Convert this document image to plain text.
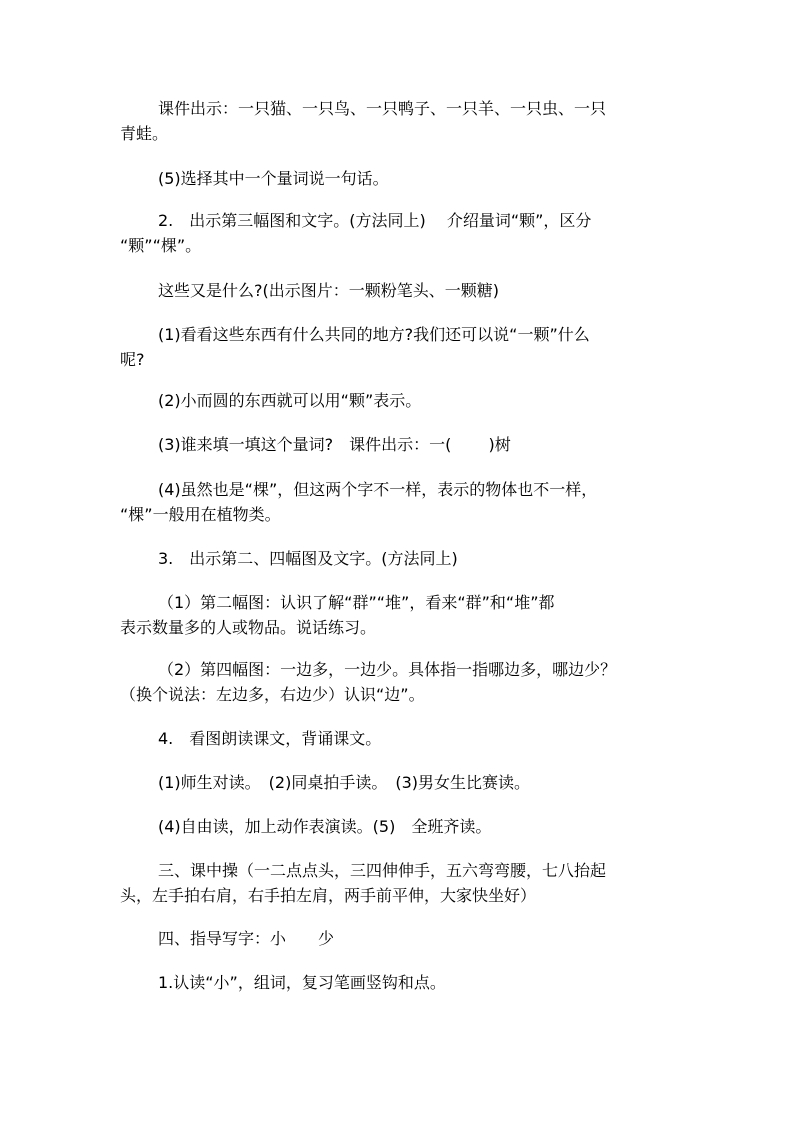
课件出示：一只猫、一只鸟、一只鸭子、一只羊、一只虫、一只
青蛙。

(5)选择其中一个量词说一句话。

2.　出示第三幅图和文字。(方法同上)　 介绍量词“颗”，区分
“颗”“棵”。

这些又是什么?(出示图片：一颗粉笔头、一颗糖)

(1)看看这些东西有什么共同的地方?我们还可以说“一颗”什么
呢?

(2)小而圆的东西就可以用“颗”表示。

(3)谁来填一填这个量词?　课件出示：一(　　 )树

(4)虽然也是“棵”，但这两个字不一样，表示的物体也不一样，
“棵”一般用在植物类。

3.　出示第二、四幅图及文字。(方法同上)

（1）第二幅图：认识了解“群”“堆”，看来“群”和“堆”都
表示数量多的人或物品。说话练习。

（2）第四幅图：一边多，一边少。具体指一指哪边多，哪边少？
（换个说法：左边多，右边少）认识“边”。

4.　看图朗读课文，背诵课文。

(1)师生对读。　(2)同桌拍手读。　(3)男女生比赛读。

(4)自由读，加上动作表演读。(5)　全班齐读。

三、课中操（一二点点头，三四伸伸手，五六弯弯腰，七八抬起
头，左手拍右肩，右手拍左肩，两手前平伸，大家快坐好）

四、指导写字：小　　少

1.认读“小”，组词，复习笔画竖钩和点。
